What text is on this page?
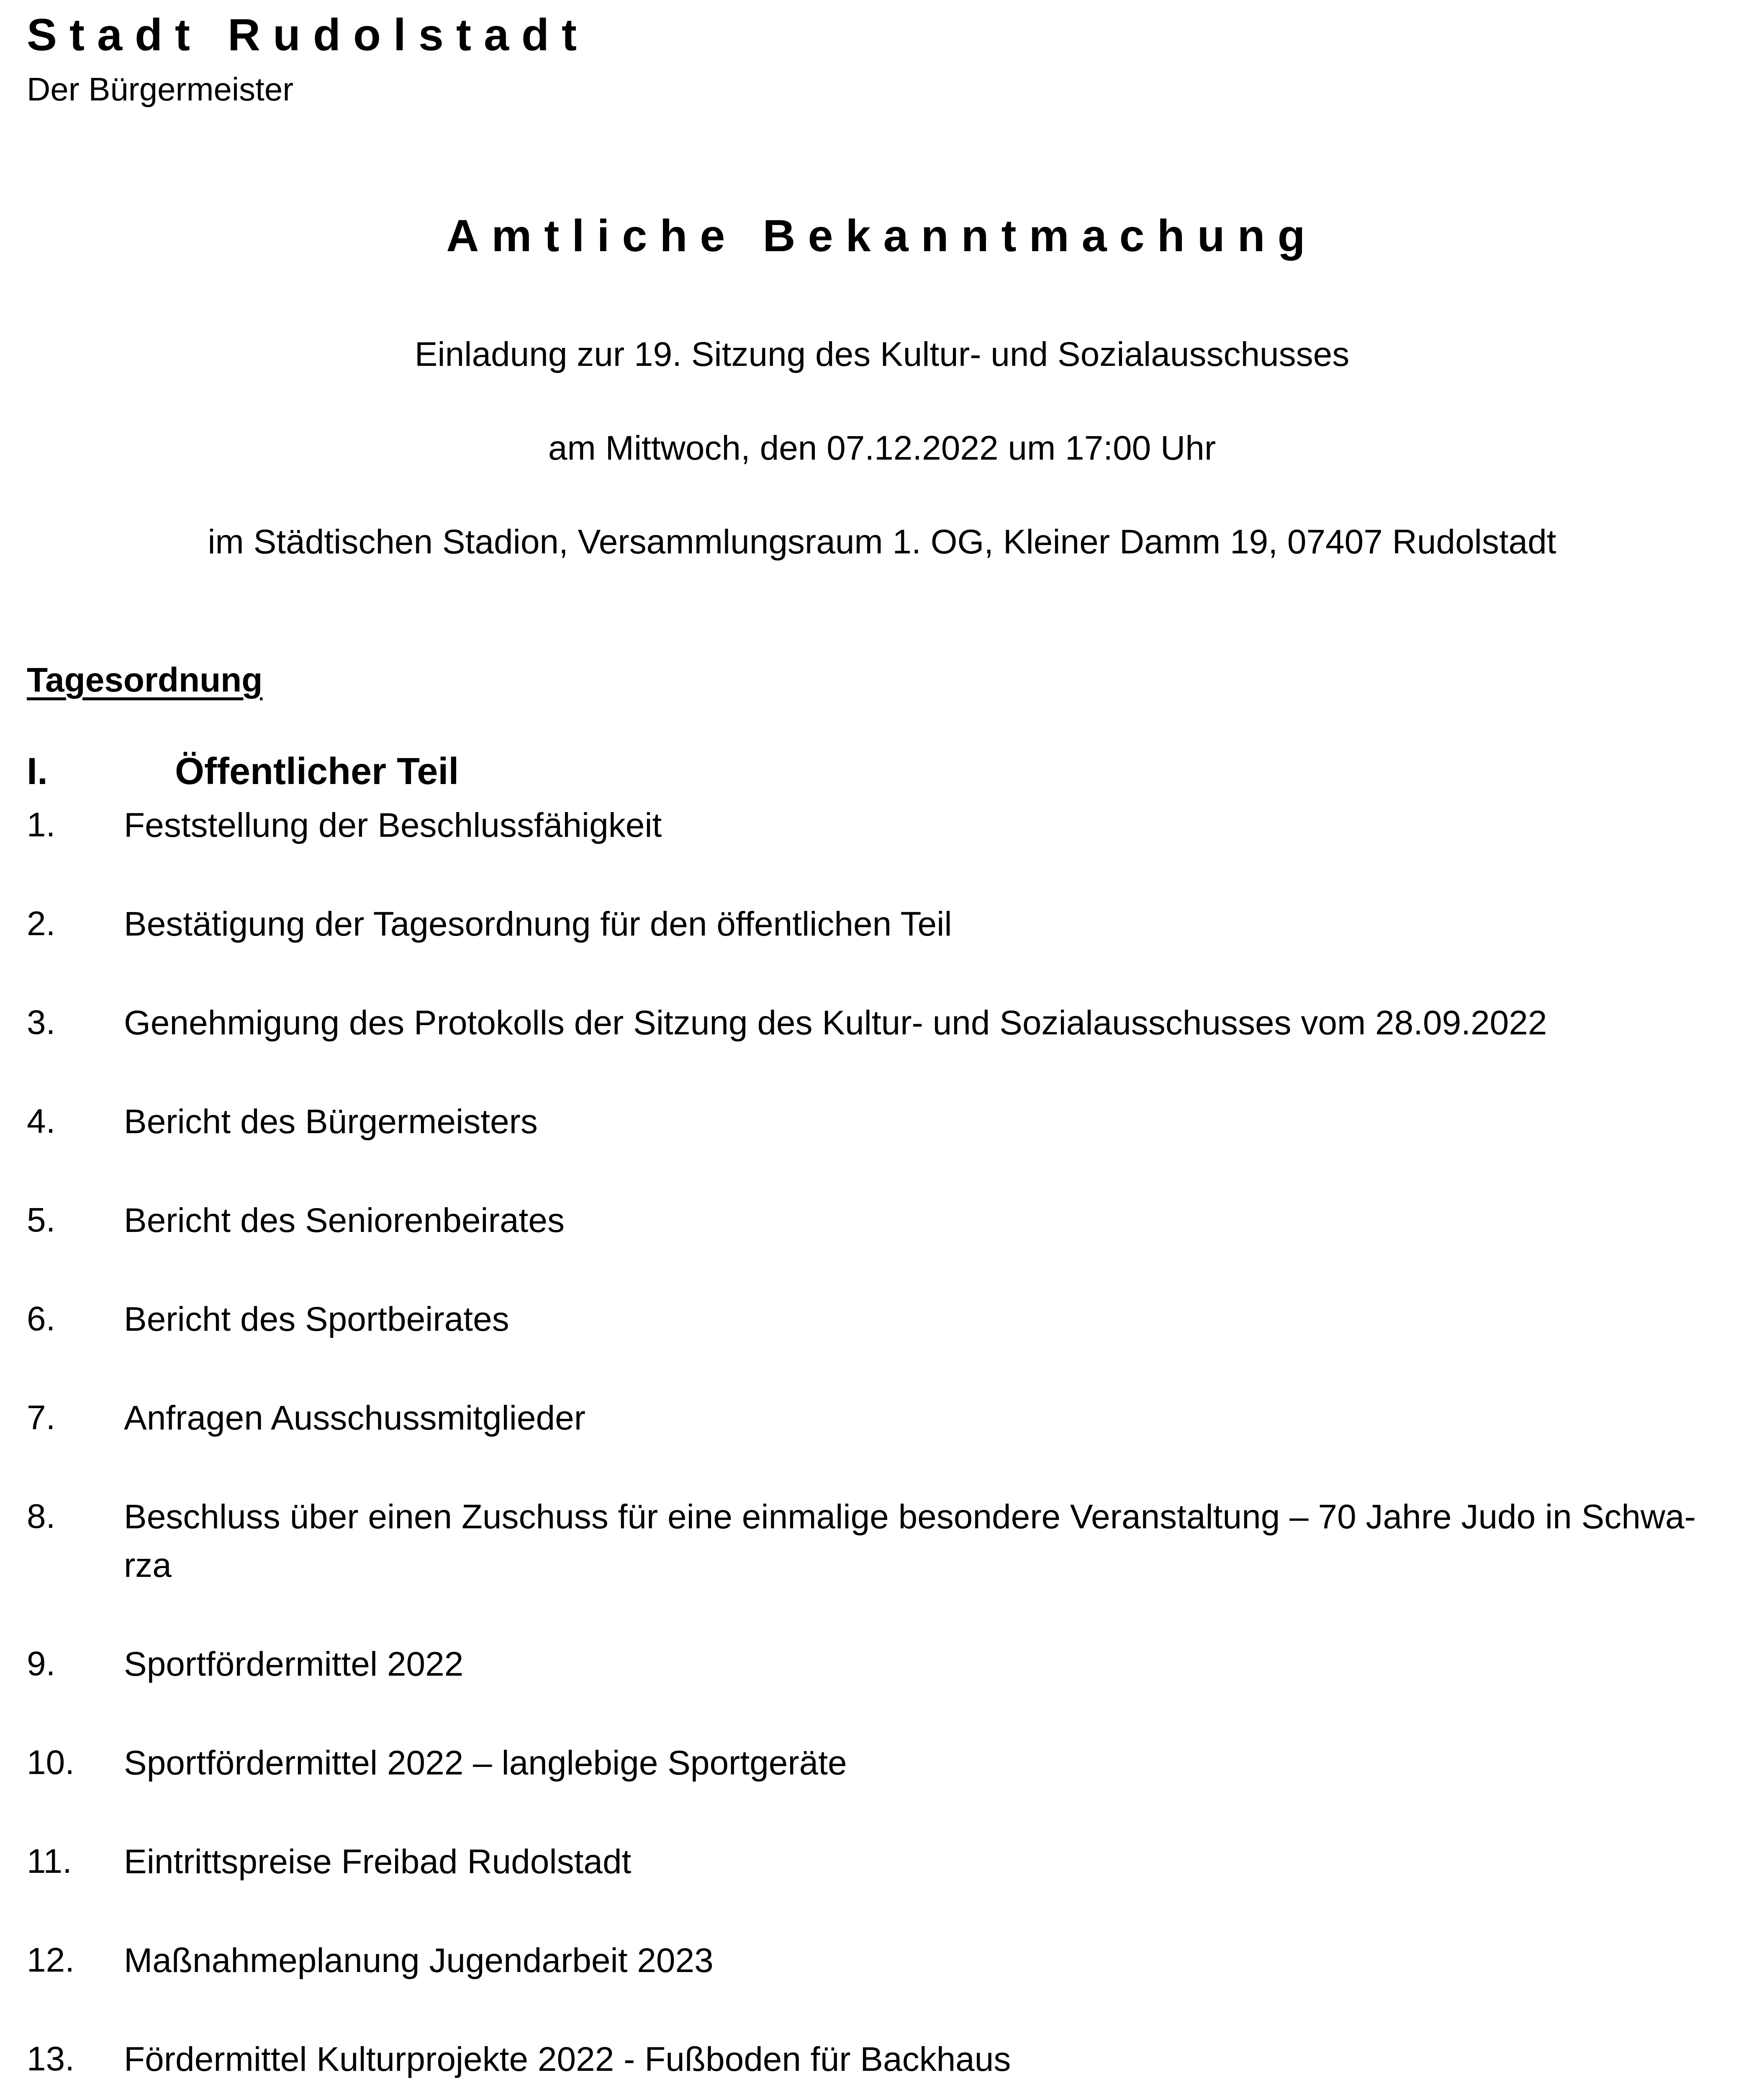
Stadt Rudolstadt
Der Bürgermeister
Amtliche Bekanntmachung
Einladung zur 19. Sitzung des Kultur- und Sozialausschusses
am Mittwoch, den 07.12.2022 um 17:00 Uhr
im Städtischen Stadion, Versammlungsraum 1. OG, Kleiner Damm 19, 07407 Rudolstadt
Tagesordnung
I.	Öffentlicher Teil
1. Feststellung der Beschlussfähigkeit
2. Bestätigung der Tagesordnung für den öffentlichen Teil
3. Genehmigung des Protokolls der Sitzung des Kultur- und Sozialausschusses vom 28.09.2022
4. Bericht des Bürgermeisters
5. Bericht des Seniorenbeirates
6. Bericht des Sportbeirates
7. Anfragen Ausschussmitglieder
8. Beschluss über einen Zuschuss für eine einmalige besondere Veranstaltung – 70 Jahre Judo in Schwa-rza
9. Sportfördermittel 2022
10. Sportfördermittel 2022 – langlebige Sportgeräte
11. Eintrittspreise Freibad Rudolstadt
12. Maßnahmeplanung Jugendarbeit 2023
13. Fördermittel Kulturprojekte 2022 - Fußboden für Backhaus
